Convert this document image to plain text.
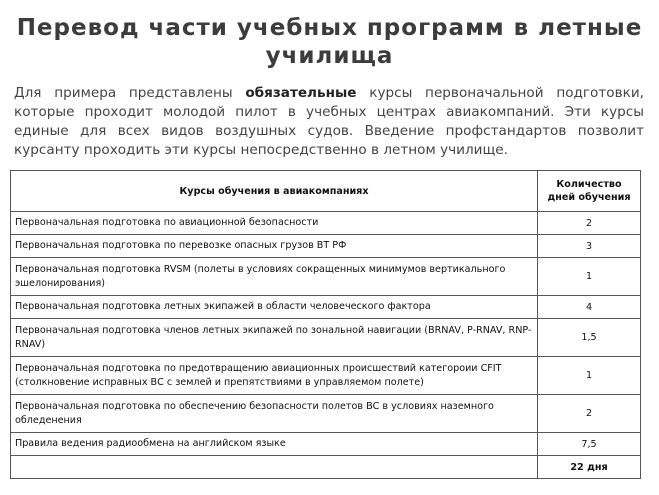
Перевод части учебных программ в летные училища
Для примера представлены обязательные курсы первоначальной подготовки, которые проходит молодой пилот в учебных центрах авиакомпаний. Эти курсы единые для всех видов воздушных судов. Введение профстандартов позволит курсанту проходить эти курсы непосредственно в летном училище.
Курсы обучения в авиакомпаниях	Количество дней обучения
Первоначальная подготовка по авиационной безопасности	2
Первоначальная подготовка по перевозке опасных грузов ВТ РФ	3
Первоначальная подготовка RVSM (полеты в условиях сокращенных минимумов вертикального эшелонирования)	1
Первоначальная подготовка летных экипажей в области человеческого фактора	4
Первоначальная подготовка членов летных экипажей по зональной навигации (BRNAV, P-RNAV, RNP-RNAV)	1,5
Первоначальная подготовка по предотвращению авиационных происшествий категороии CFIT (столкновение исправных ВС с землей и препятствиями в управляемом полете)	1
Первоначальная подготовка по обеспечению безопасности полетов ВС в условиях наземного обледенения	2
Правила ведения радиообмена на английском языке	7,5
	22 дня
